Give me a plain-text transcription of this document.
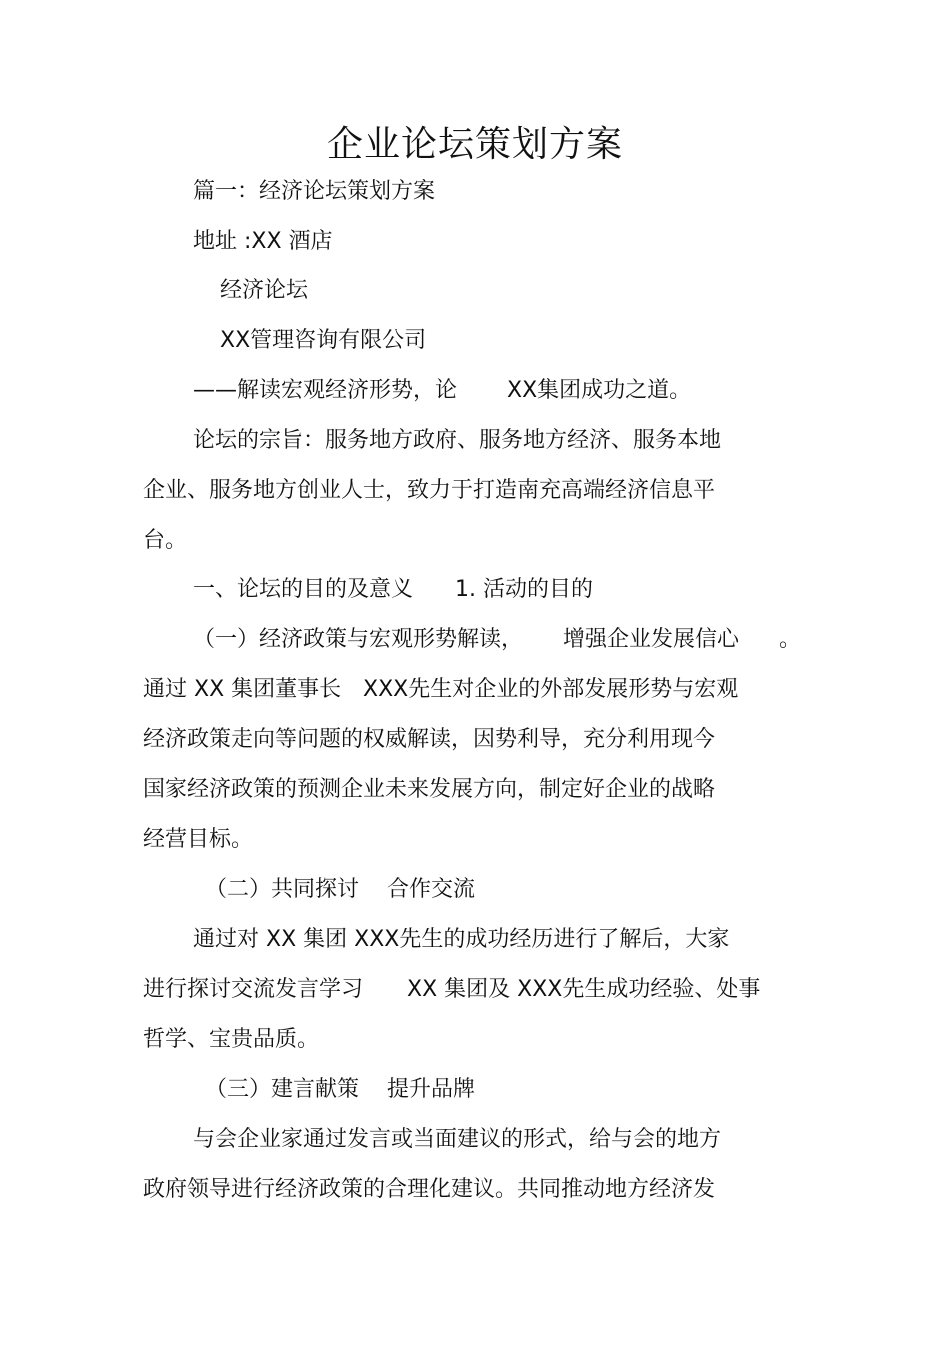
企业论坛策划方案
篇一：经济论坛策划方案
地址 :XX 酒店
经济论坛
XX管理咨询有限公司
——解读宏观经济形势，论 XX集团成功之道。
论坛的宗旨：服务地方政府、服务地方经济、服务本地
企业、服务地方创业人士，致力于打造南充高端经济信息平
台。
一、论坛的目的及意义 1. 活动的目的
（一）经济政策与宏观形势解读， 增强企业发展信心 。
通过 XX 集团董事长 XXX先生对企业的外部发展形势与宏观
经济政策走向等问题的权威解读，因势利导，充分利用现今
国家经济政策的预测企业未来发展方向，制定好企业的战略
经营目标。
（二）共同探讨 合作交流
通过对 XX 集团 XXX先生的成功经历进行了解后，大家
进行探讨交流发言学习 XX 集团及 XXX先生成功经验、处事
哲学、宝贵品质。
（三）建言献策 提升品牌
与会企业家通过发言或当面建议的形式，给与会的地方
政府领导进行经济政策的合理化建议。共同推动地方经济发
